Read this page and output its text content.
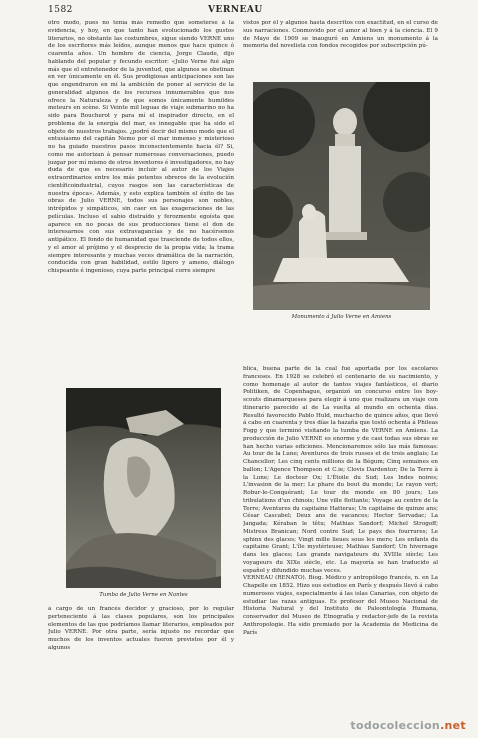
1582	VERNEAU

otro modo, pues no tenía más remedio que someterse á la evidencia, y hoy, en que tanto han evolucionado los gustos literarios, no obstante las costumbres, sigue siendo VERNE uno de los escritores más leídos, aunque menos que hace quince ó cuarenta años. Un hombre de ciencia, Jorge Claude, dijo hablando del popular y fecundo escritor: «Julio Verne fué algo más que el entretenedor de la juventud, que algunos se obstinan en ver únicamente en él. Sus prodigiosas anticipaciones son las que engendraron en mí la ambición de poner al servicio de la generalidad algunos de los recursos innumerables que nos ofrece la Naturaleza y de que somos únicamente humildes meteurs en scène. Si Veinte mil leguas de viaje submarino no ha sido para Boucherot y para mí el inspirador directo, en el problema de la energía del mar, es innegable que ha sido el objeto de nuestros trabajos. ¿podré decir del mismo modo que el entusiasmo del capitán Nemo por el mar inmenso y misterioso no ha guiado nuestros pasos inconscientemente hacia él? Si, como me autorizan á pensar numerosas conversaciones, puedo juzgar por mí mismo de otros inventores é investigadores, no hay duda de que es necesario incluir al autor de los Viajes extraordinarios entre los más potentes obreros de la evolución científicoindustrial, cuyos rasgos son las características de nuestra época». Además, y esto explica también el éxito de las obras de Julio VERNE, todos sus personajes son nobles, intrépidos y simpáticos, sin caer en las exageraciones de las películas. Incluso el sabio distraído y ferozmente egoísta que aparece en no pocas de sus producciones tiene el don de interesarnos con sus extravagancias y de no hacérsenos antipático. El fondo de humanidad que trasciende de todos ellos, y el amor al prójimo y el desprecio de la propia vida; la trama siempre interesante y muchas veces dramática de la narración, conducida con gran habilidad, estilo ligero y ameno, diálogo chispeante é ingenioso, cuya parte principal corre siempre

Tumba de Julio Verne en Nantes

á cargo de un francés decidor y gracioso, por lo regular perteneciente á las clases populares, son los principales elementos de las que podríamos llamar literarios, empleados por Julio VERNE. Por otra parte, sería injusto no recordar que muchos de los inventos actuales fueron previstos por él y algunos

vistos por él y algunos hasta descritos con exactitud, en el curso de sus narraciones. Conmovido por el amor al bien y á la ciencia. El 9 de Mayo de 1909 se inauguró en Amiens un monumento á la memoria del novelista con fondos recogidos por subscripción pú-

Monumento á Julio Verne en Amiens

blica, buena parte de la cual fué aportada por los escolares franceses. En 1928 se celebró el centenario de su nacimiento, y como homenaje al autor de tantos viajes fantásticos, el diario Politiken, de Copenhague, organizó un concurso entre los boy-scouts dinamarqueses para elegir á uno que realizara un viaje con itinerario parecido al de La vuelta al mundo en ochenta días. Resultó favorecido Pablo Huld, muchacho de quince años, que llevó á cabo en cuarenta y tres días la hazaña que tostó ochenta á Phileas Fogg y que terminó visitando la tumba de VERNE en Amiens. La producción de Julio VERNE es enorme y de casi todas sus obras se han hecho varias ediciones. Mencionaremos sólo las más famosas: Au tour de la Lune; Aventures de trois russes et de trois anglais; Le Chancellor; Les cinq cents millions de la Bégum; Cinq semaines en ballon; L'Agence Thompson et C.ie; Clovis Dardentor; De la Terre à la Lune; Le docteur Ox; L'Étoile du Sud; Les Indes noires; L'invasion de la mer; Le phare du bout du monde; Le rayon vert; Robur-le-Conquérant; Le tour du monde en 80 jours; Les tribulations d'un chinois; Une ville flottante; Voyage au centre de la Terre; Aventures du capitaine Hatteras; Un capitaine de quinze ans; César Cascabel; Deux ans de vacances; Hector Servadac; La Jangada; Kéraban le têtu; Mathias Sandorf; Michel Strogoff; Mistress Branican; Nord contre Sud; Le pays des fourrures; Le sphinx des glaces; Vingt mille lieues sous les mers; Les enfants du capitaine Grant; L'île mystérieuse; Mathias Sandorf; Un hivernage dans les glaces; Les grands navigateurs du XVIIIe siècle; Les voyageurs du XIXe siècle, etc. La mayoría se han traducido al español y difundido muchas veces.

VERNEAU (RENATO). Biog. Médico y antropólogo francés, n. en La Chapelle en 1852. Hizo sus estudios en París y después llevó á cabo numerosos viajes, especialmente á las islas Canarias, con objeto de estudiar las razas antiguas. Es profesor del Museo Nacional de Historia Natural y del Instituto de Paleontología Humana, conservador del Museo de Etnografía y redactor-jefe de la revista Anthropologie. Ha sido premiado por la Academia de Medicina de París

todocoleccion.net
